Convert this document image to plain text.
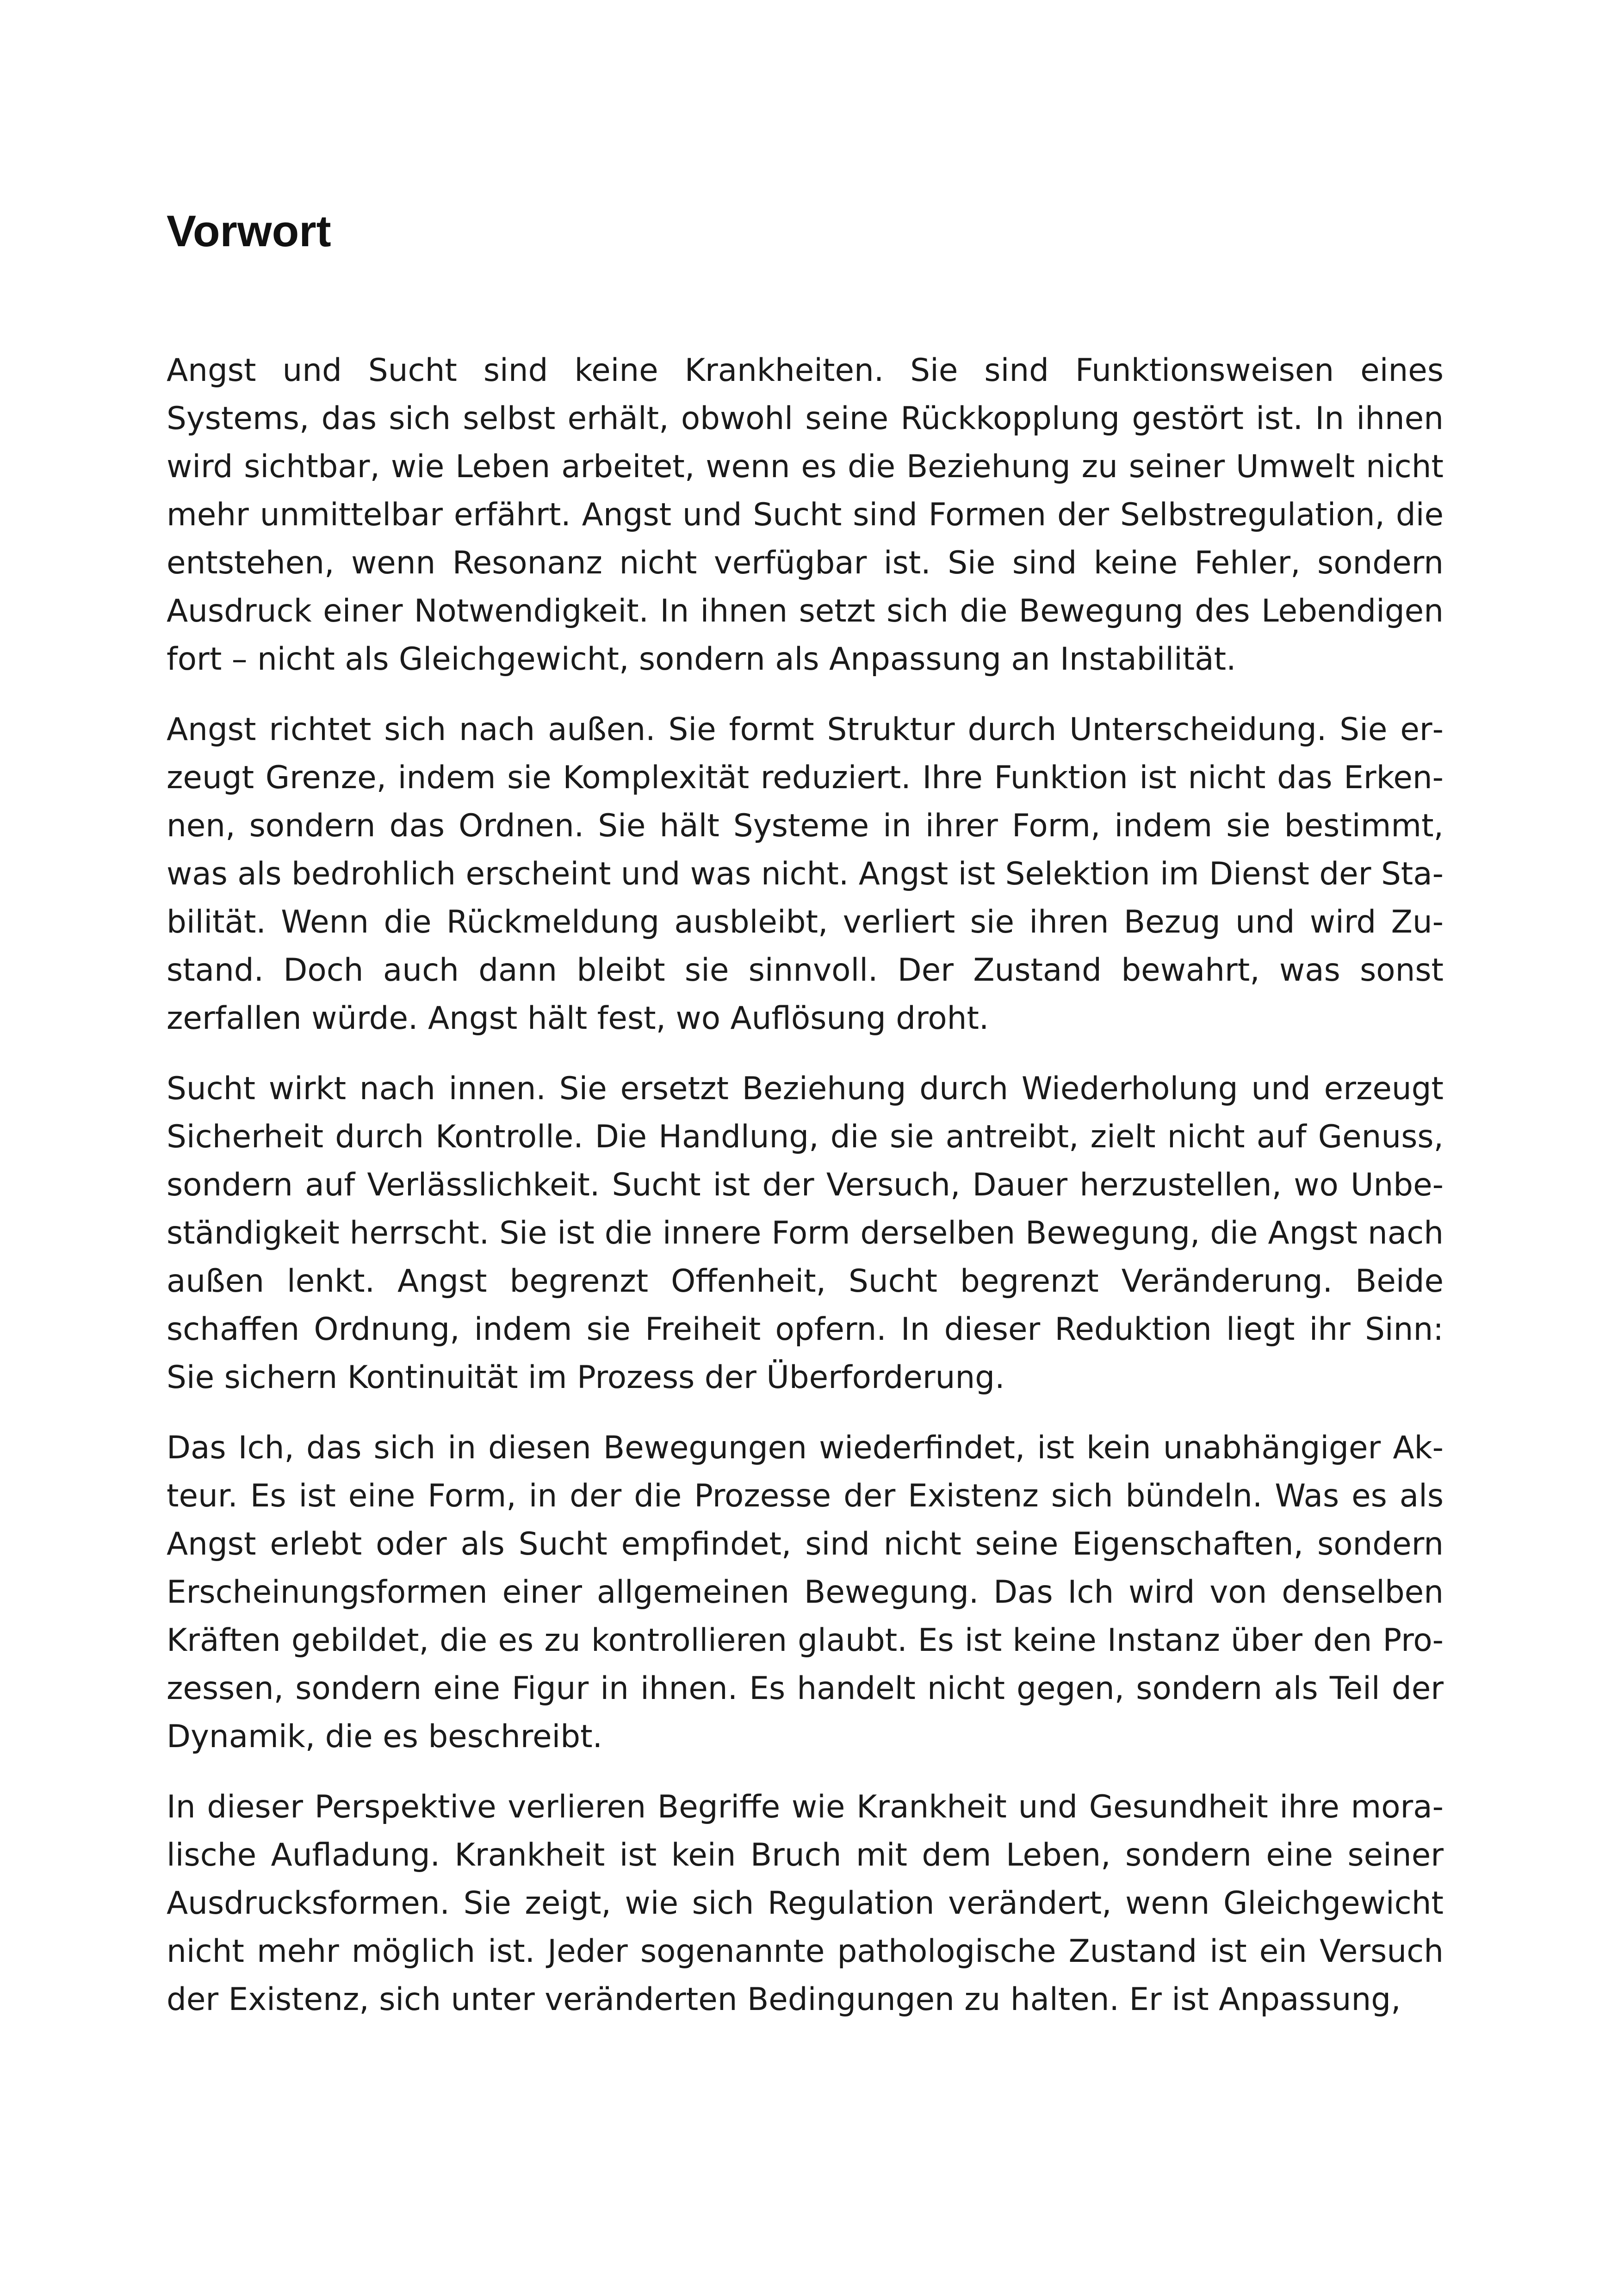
Vorwort

Angst und Sucht sind keine Krankheiten. Sie sind Funktionsweisen eines Systems, das sich selbst erhält, obwohl seine Rückkopplung gestört ist. In ihnen wird sichtbar, wie Leben arbeitet, wenn es die Beziehung zu seiner Umwelt nicht mehr unmittelbar erfährt. Angst und Sucht sind Formen der Selbstregulation, die entstehen, wenn Resonanz nicht verfügbar ist. Sie sind keine Fehler, sondern Ausdruck einer Notwendigkeit. In ihnen setzt sich die Bewegung des Lebendigen fort – nicht als Gleichgewicht, sondern als Anpassung an Instabilität.

Angst richtet sich nach außen. Sie formt Struktur durch Unterscheidung. Sie erzeugt Grenze, indem sie Komplexität reduziert. Ihre Funktion ist nicht das Erkennen, sondern das Ordnen. Sie hält Systeme in ihrer Form, indem sie bestimmt, was als bedrohlich erscheint und was nicht. Angst ist Selektion im Dienst der Stabilität. Wenn die Rückmeldung ausbleibt, verliert sie ihren Bezug und wird Zustand. Doch auch dann bleibt sie sinnvoll. Der Zustand bewahrt, was sonst zerfallen würde. Angst hält fest, wo Auflösung droht.

Sucht wirkt nach innen. Sie ersetzt Beziehung durch Wiederholung und erzeugt Sicherheit durch Kontrolle. Die Handlung, die sie antreibt, zielt nicht auf Genuss, sondern auf Verlässlichkeit. Sucht ist der Versuch, Dauer herzustellen, wo Unbeständigkeit herrscht. Sie ist die innere Form derselben Bewegung, die Angst nach außen lenkt. Angst begrenzt Offenheit, Sucht begrenzt Veränderung. Beide schaffen Ordnung, indem sie Freiheit opfern. In dieser Reduktion liegt ihr Sinn: Sie sichern Kontinuität im Prozess der Überforderung.

Das Ich, das sich in diesen Bewegungen wiederfindet, ist kein unabhängiger Akteur. Es ist eine Form, in der die Prozesse der Existenz sich bündeln. Was es als Angst erlebt oder als Sucht empfindet, sind nicht seine Eigenschaften, sondern Erscheinungsformen einer allgemeinen Bewegung. Das Ich wird von denselben Kräften gebildet, die es zu kontrollieren glaubt. Es ist keine Instanz über den Prozessen, sondern eine Figur in ihnen. Es handelt nicht gegen, sondern als Teil der Dynamik, die es beschreibt.

In dieser Perspektive verlieren Begriffe wie Krankheit und Gesundheit ihre moralische Aufladung. Krankheit ist kein Bruch mit dem Leben, sondern eine seiner Ausdrucksformen. Sie zeigt, wie sich Regulation verändert, wenn Gleichgewicht nicht mehr möglich ist. Jeder sogenannte pathologische Zustand ist ein Versuch der Existenz, sich unter veränderten Bedingungen zu halten. Er ist Anpassung,
